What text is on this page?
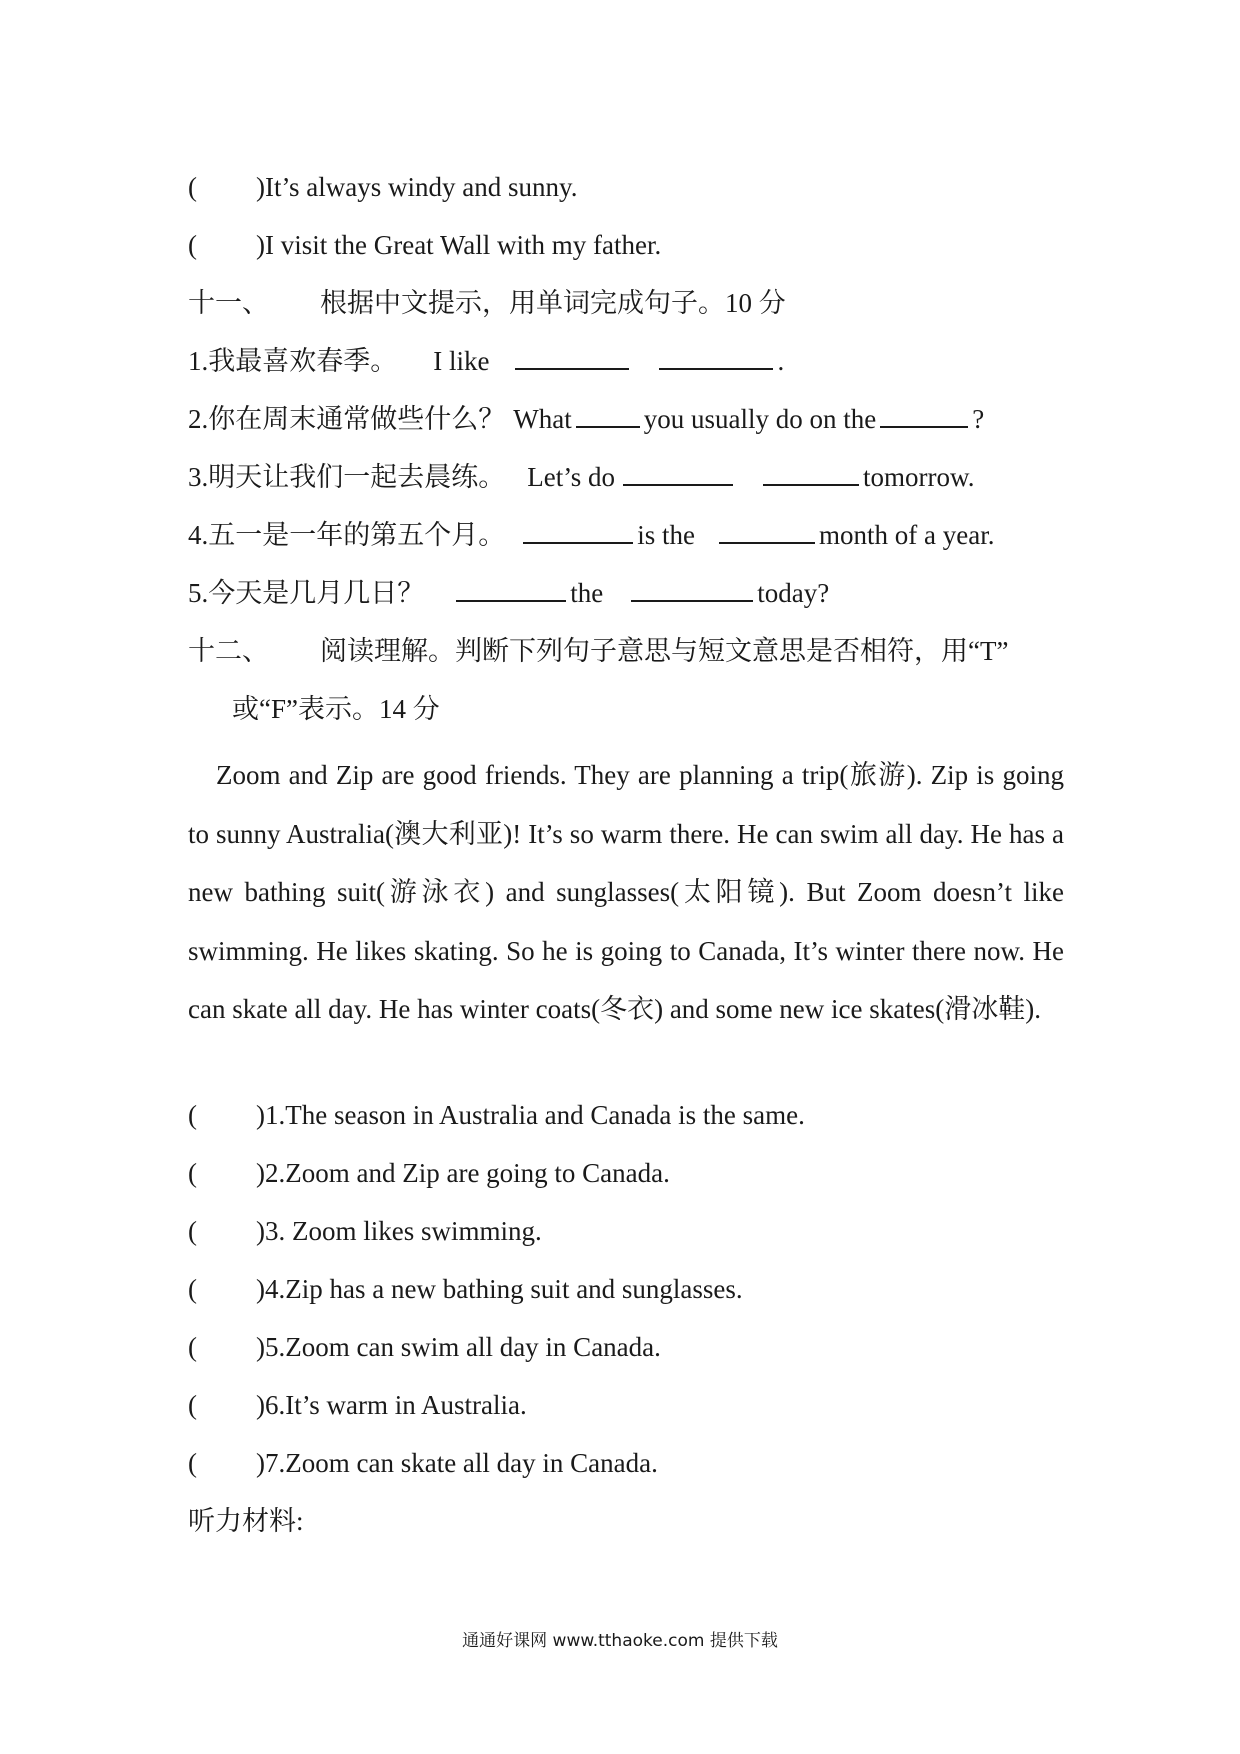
( )It’s always windy and sunny.
( )I visit the Great Wall with my father.
十一、 根据中文提示，用单词完成句子。10 分
1.我最喜欢春季。 I like	.
2.你在周末通常做些什么？ What	you usually do on the	?
3.明天让我们一起去晨练。 Let’s do	tomorrow.
4.五一是一年的第五个月。	is the	month of a year.
5.今天是几月几日？	the	today?
十二、 阅读理解。判断下列句子意思与短文意思是否相符，用“T”
或“F”表示。14 分
Zoom and Zip are good friends. They are planning a trip(旅游). Zip is going to sunny Australia(澳大利亚)! It’s so warm there. He can swim all day. He has a new bathing suit(游泳衣) and sunglasses(太阳镜). But Zoom doesn’t like swimming. He likes skating. So he is going to Canada, It’s winter there now. He can skate all day. He has winter coats(冬衣) and some new ice skates(滑冰鞋).
( )1.The season in Australia and Canada is the same.
( )2.Zoom and Zip are going to Canada.
( )3. Zoom likes swimming.
( )4.Zip has a new bathing suit and sunglasses.
( )5.Zoom can swim all day in Canada.
( )6.It’s warm in Australia.
( )7.Zoom can skate all day in Canada.
听力材料:
通通好课网 www.tthaoke.com 提供下载
